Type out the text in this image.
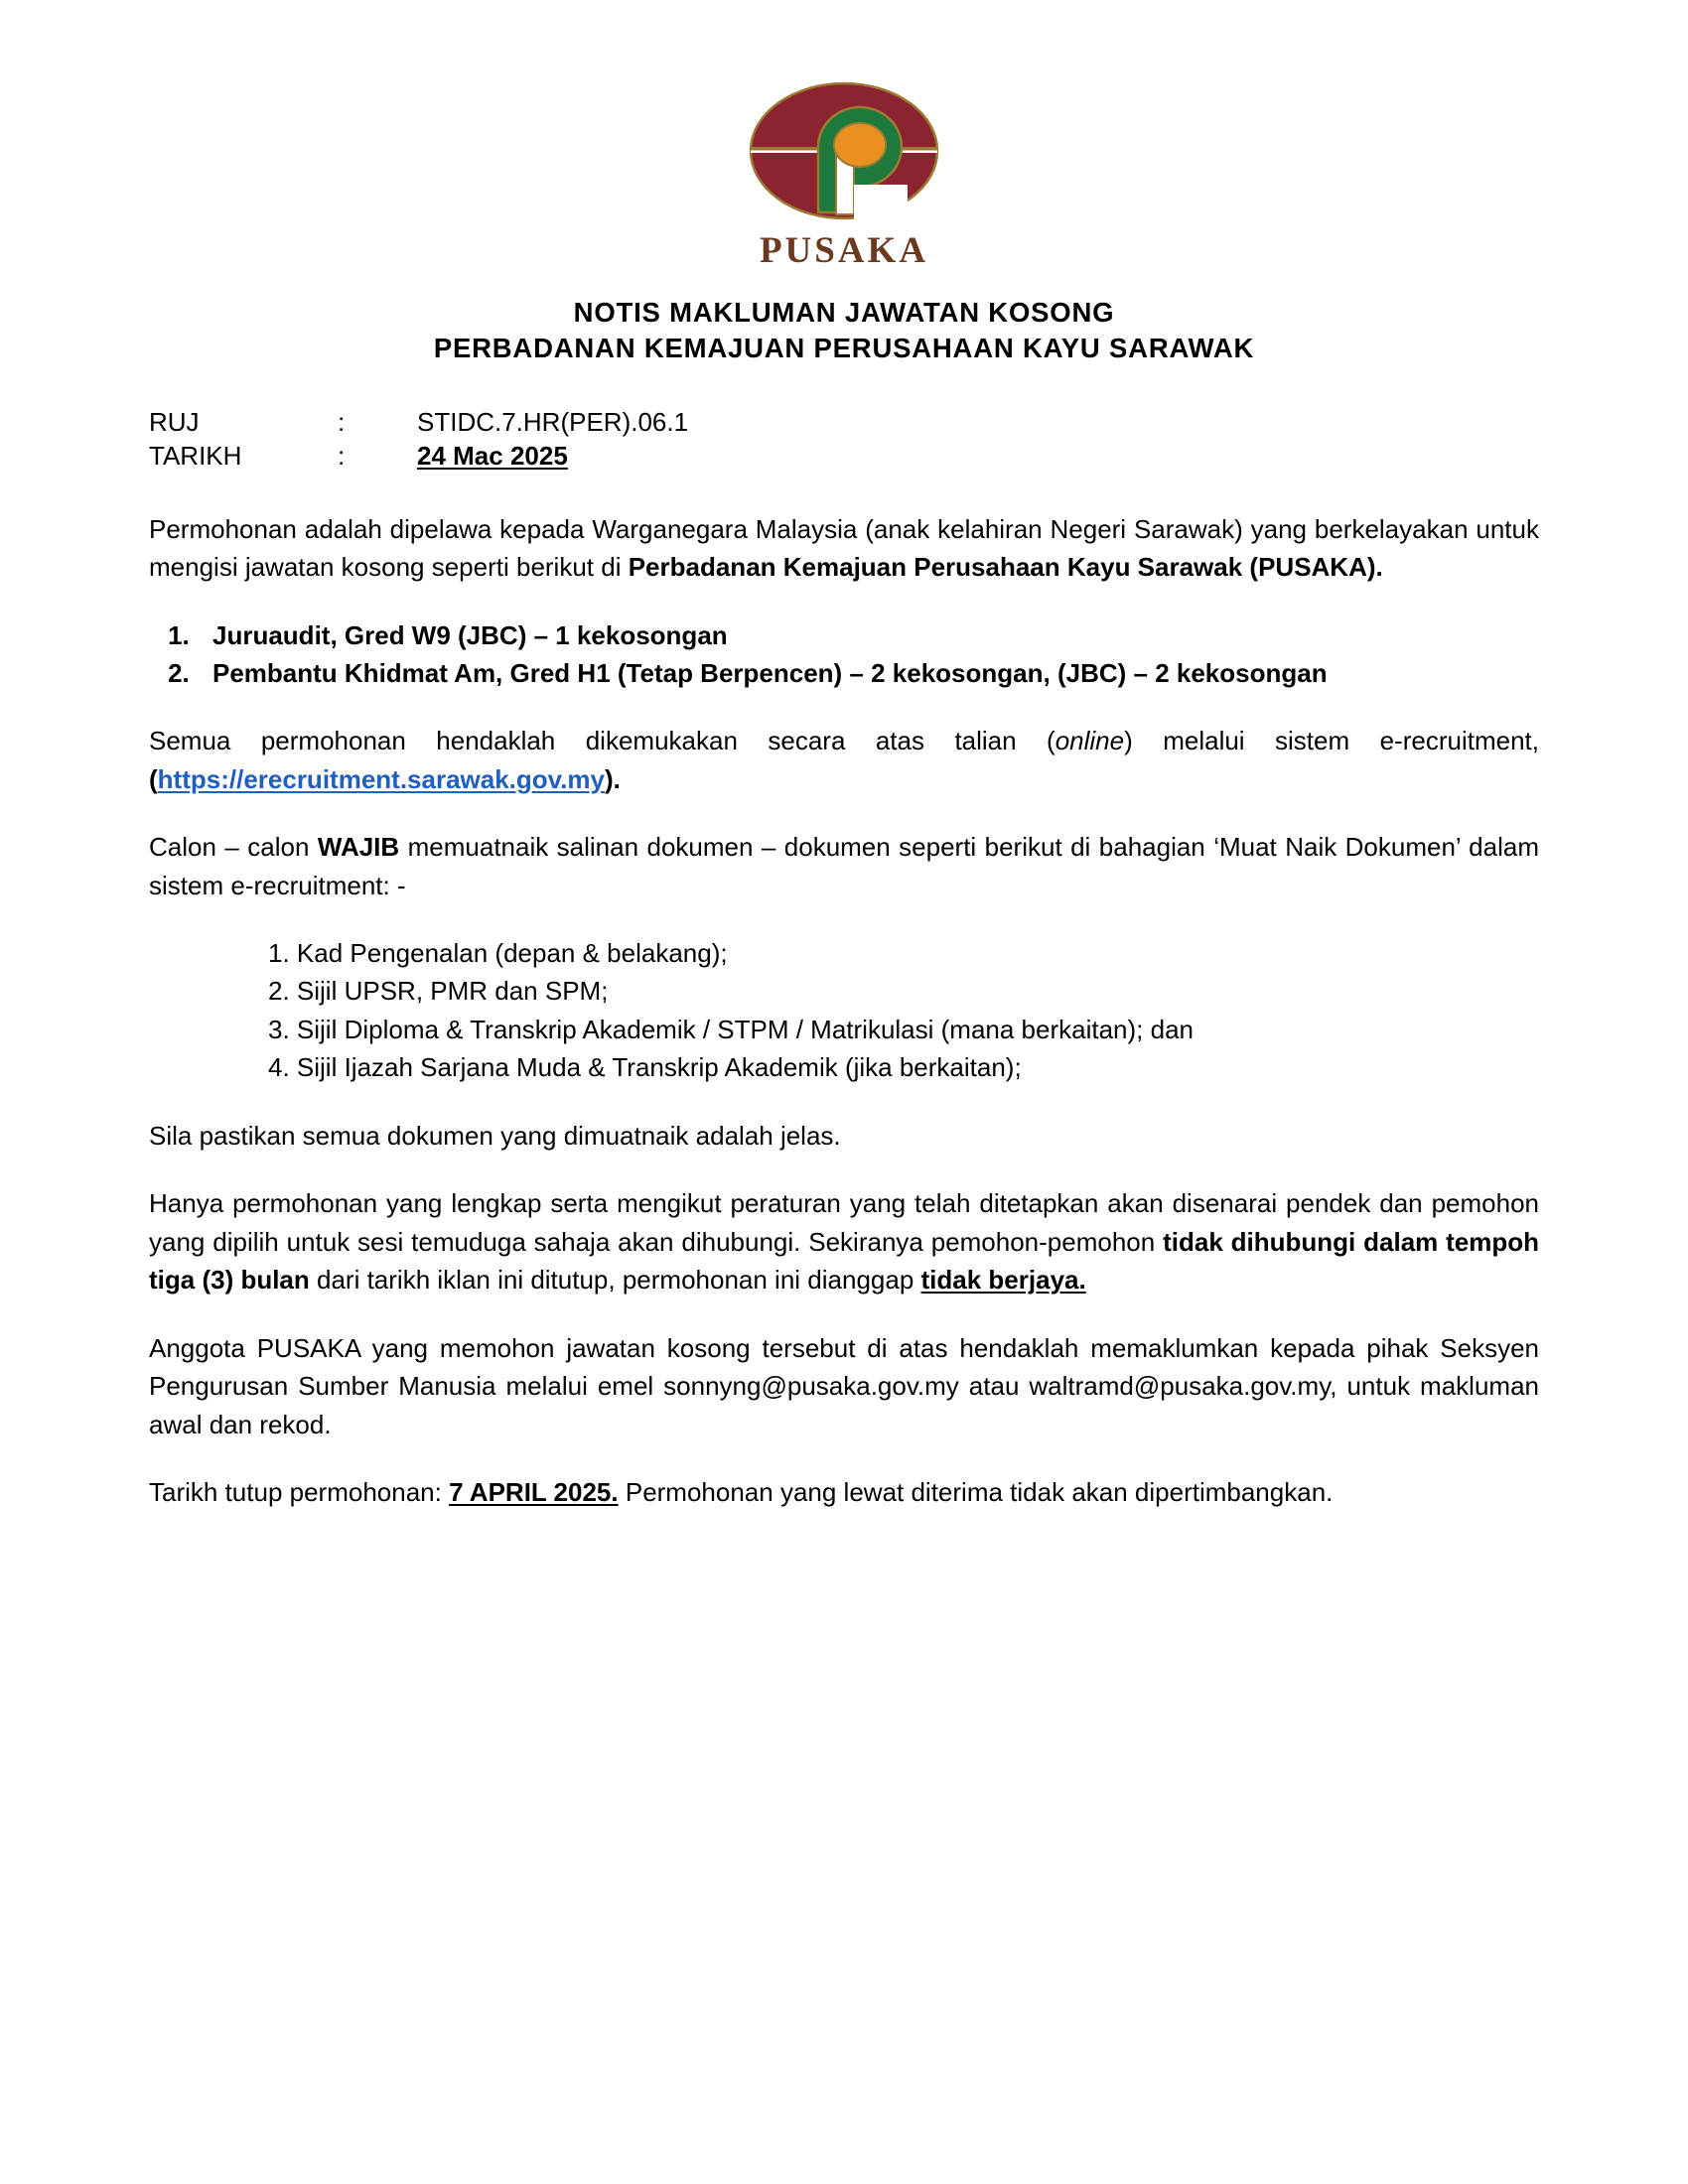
PUSAKA
NOTIS MAKLUMAN JAWATAN KOSONG
PERBADANAN KEMAJUAN PERUSAHAAN KAYU SARAWAK
RUJ	:	STIDC.7.HR(PER).06.1
TARIKH	:	24 Mac 2025

Permohonan adalah dipelawa kepada Warganegara Malaysia (anak kelahiran Negeri Sarawak) yang berkelayakan untuk mengisi jawatan kosong seperti berikut di Perbadanan Kemajuan Perusahaan Kayu Sarawak (PUSAKA).

1. Juruaudit, Gred W9 (JBC) – 1 kekosongan
2. Pembantu Khidmat Am, Gred H1 (Tetap Berpencen) – 2 kekosongan, (JBC) – 2 kekosongan

Semua permohonan hendaklah dikemukakan secara atas talian (online) melalui sistem e-recruitment, (https://erecruitment.sarawak.gov.my).

Calon – calon WAJIB memuatnaik salinan dokumen – dokumen seperti berikut di bahagian ‘Muat Naik Dokumen’ dalam sistem e-recruitment: -

1. Kad Pengenalan (depan & belakang);
2. Sijil UPSR, PMR dan SPM;
3. Sijil Diploma & Transkrip Akademik / STPM / Matrikulasi (mana berkaitan); dan
4. Sijil Ijazah Sarjana Muda & Transkrip Akademik (jika berkaitan);

Sila pastikan semua dokumen yang dimuatnaik adalah jelas.

Hanya permohonan yang lengkap serta mengikut peraturan yang telah ditetapkan akan disenarai pendek dan pemohon yang dipilih untuk sesi temuduga sahaja akan dihubungi. Sekiranya pemohon-pemohon tidak dihubungi dalam tempoh tiga (3) bulan dari tarikh iklan ini ditutup, permohonan ini dianggap tidak berjaya.

Anggota PUSAKA yang memohon jawatan kosong tersebut di atas hendaklah memaklumkan kepada pihak Seksyen Pengurusan Sumber Manusia melalui emel sonnyng@pusaka.gov.my atau waltramd@pusaka.gov.my, untuk makluman awal dan rekod.

Tarikh tutup permohonan: 7 APRIL 2025. Permohonan yang lewat diterima tidak akan dipertimbangkan.
